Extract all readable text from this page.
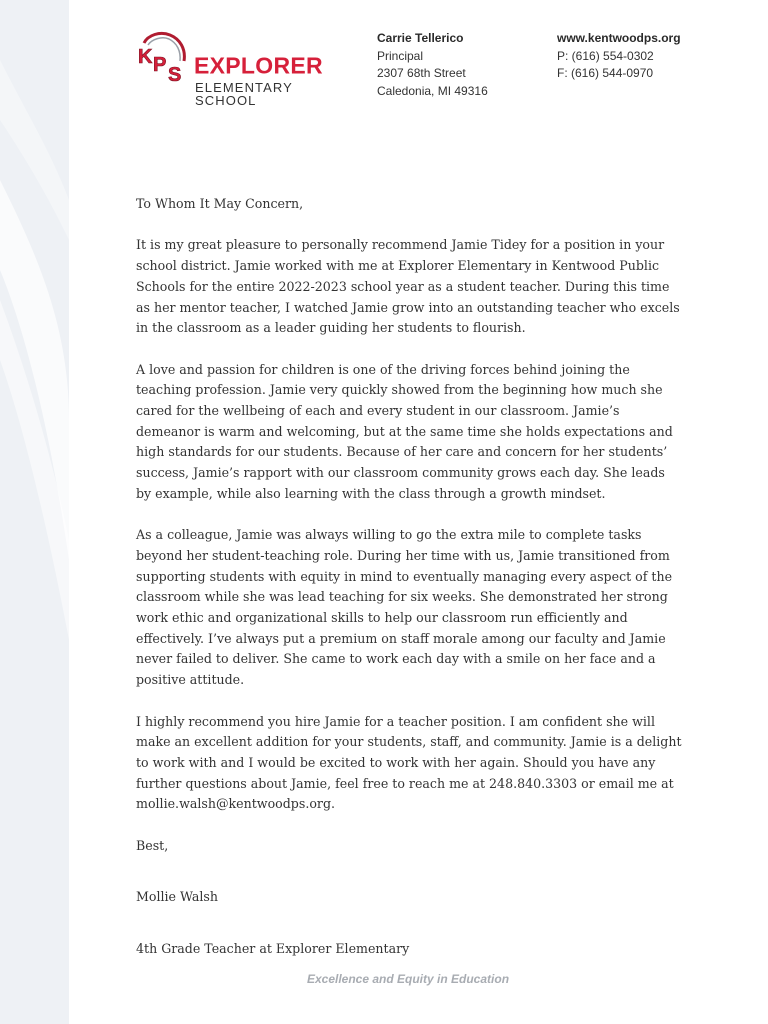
K P S EXPLORER
ELEMENTARY SCHOOL
Carrie Tellerico
Principal
2307 68th Street
Caledonia, MI 49316
www.kentwoodps.org
P: (616) 554-0302
F: (616) 544-0970

To Whom It May Concern,

It is my great pleasure to personally recommend Jamie Tidey for a position in your school district. Jamie worked with me at Explorer Elementary in Kentwood Public Schools for the entire 2022-2023 school year as a student teacher. During this time as her mentor teacher, I watched Jamie grow into an outstanding teacher who excels in the classroom as a leader guiding her students to flourish.

A love and passion for children is one of the driving forces behind joining the teaching profession. Jamie very quickly showed from the beginning how much she cared for the wellbeing of each and every student in our classroom. Jamie’s demeanor is warm and welcoming, but at the same time she holds expectations and high standards for our students. Because of her care and concern for her students’ success, Jamie’s rapport with our classroom community grows each day. She leads by example, while also learning with the class through a growth mindset.

As a colleague, Jamie was always willing to go the extra mile to complete tasks beyond her student-teaching role. During her time with us, Jamie transitioned from supporting students with equity in mind to eventually managing every aspect of the classroom while she was lead teaching for six weeks. She demonstrated her strong work ethic and organizational skills to help our classroom run efficiently and effectively. I’ve always put a premium on staff morale among our faculty and Jamie never failed to deliver. She came to work each day with a smile on her face and a positive attitude.

I highly recommend you hire Jamie for a teacher position. I am confident she will make an excellent addition for your students, staff, and community. Jamie is a delight to work with and I would be excited to work with her again. Should you have any further questions about Jamie, feel free to reach me at 248.840.3303 or email me at mollie.walsh@kentwoodps.org.

Best,

Mollie Walsh

4th Grade Teacher at Explorer Elementary

Excellence and Equity in Education
